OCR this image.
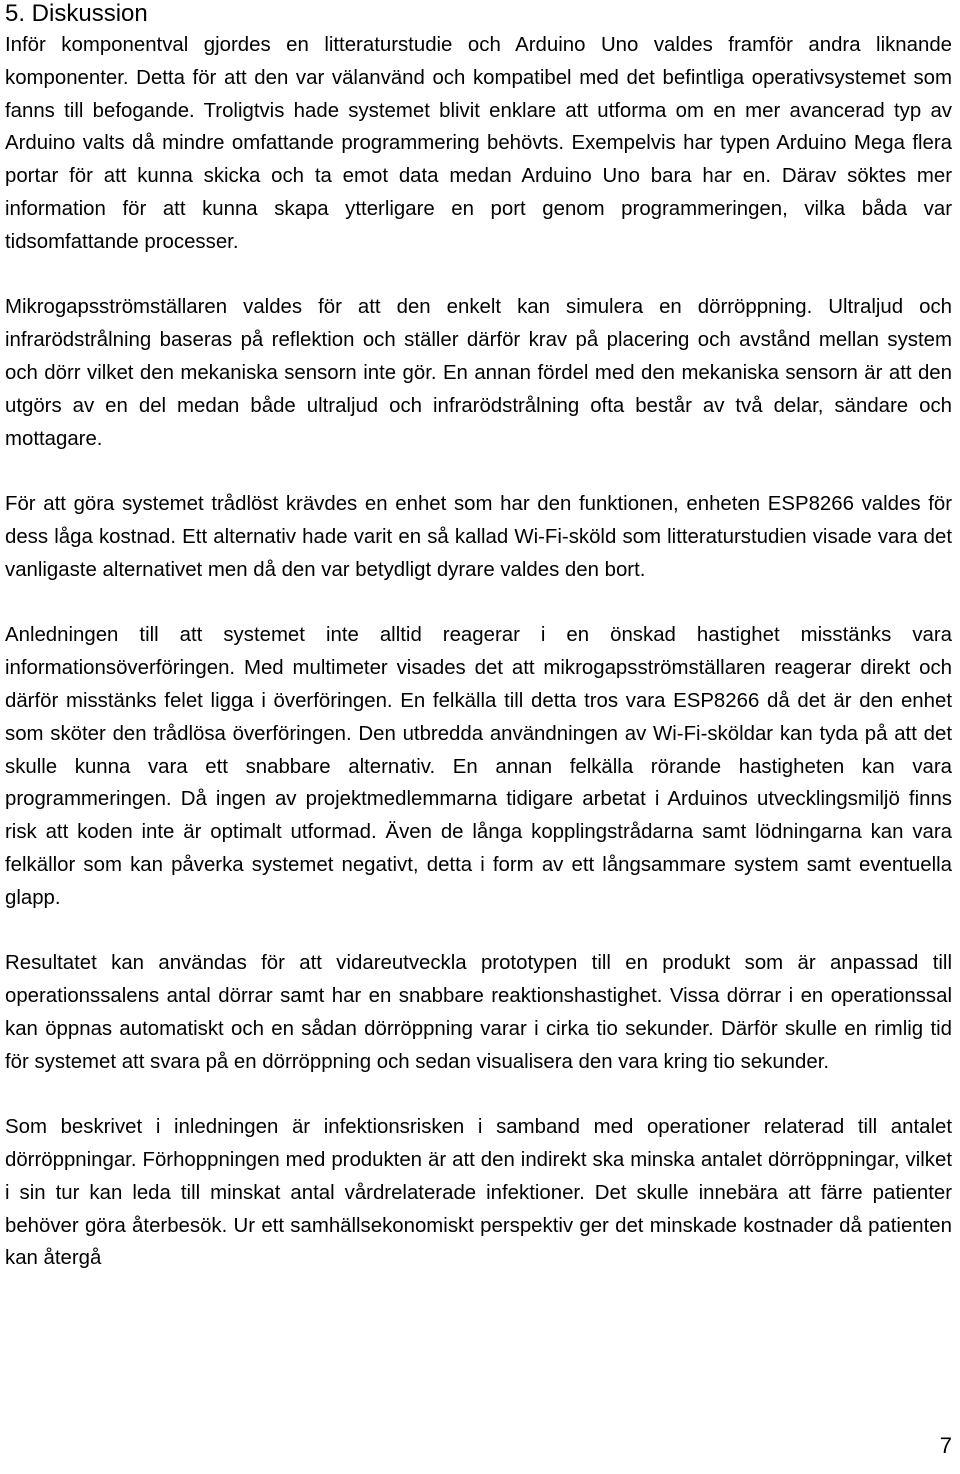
5. Diskussion

Inför komponentval gjordes en litteraturstudie och Arduino Uno valdes framför andra liknande komponenter. Detta för att den var välanvänd och kompatibel med det befintliga operativsystemet som fanns till befogande. Troligtvis hade systemet blivit enklare att utforma om en mer avancerad typ av Arduino valts då mindre omfattande programmering behövts. Exempelvis har typen Arduino Mega flera portar för att kunna skicka och ta emot data medan Arduino Uno bara har en. Därav söktes mer information för att kunna skapa ytterligare en port genom programmeringen, vilka båda var tidsomfattande processer.

Mikrogapsströmställaren valdes för att den enkelt kan simulera en dörröppning. Ultraljud och infrarödstrålning baseras på reflektion och ställer därför krav på placering och avstånd mellan system och dörr vilket den mekaniska sensorn inte gör. En annan fördel med den mekaniska sensorn är att den utgörs av en del medan både ultraljud och infrarödstrålning ofta består av två delar, sändare och mottagare.

För att göra systemet trådlöst krävdes en enhet som har den funktionen, enheten ESP8266 valdes för dess låga kostnad. Ett alternativ hade varit en så kallad Wi-Fi-sköld som litteraturstudien visade vara det vanligaste alternativet men då den var betydligt dyrare valdes den bort.

Anledningen till att systemet inte alltid reagerar i en önskad hastighet misstänks vara informationsöverföringen. Med multimeter visades det att mikrogapsströmställaren reagerar direkt och därför misstänks felet ligga i överföringen. En felkälla till detta tros vara ESP8266 då det är den enhet som sköter den trådlösa överföringen. Den utbredda användningen av Wi-Fi-sköldar kan tyda på att det skulle kunna vara ett snabbare alternativ. En annan felkälla rörande hastigheten kan vara programmeringen. Då ingen av projektmedlemmarna tidigare arbetat i Arduinos utvecklingsmiljö finns risk att koden inte är optimalt utformad. Även de långa kopplingstrådarna samt lödningarna kan vara felkällor som kan påverka systemet negativt, detta i form av ett långsammare system samt eventuella glapp.

Resultatet kan användas för att vidareutveckla prototypen till en produkt som är anpassad till operationssalens antal dörrar samt har en snabbare reaktionshastighet. Vissa dörrar i en operationssal kan öppnas automatiskt och en sådan dörröppning varar i cirka tio sekunder. Därför skulle en rimlig tid för systemet att svara på en dörröppning och sedan visualisera den vara kring tio sekunder.

Som beskrivet i inledningen är infektionsrisken i samband med operationer relaterad till antalet dörröppningar. Förhoppningen med produkten är att den indirekt ska minska antalet dörröppningar, vilket i sin tur kan leda till minskat antal vårdrelaterade infektioner. Det skulle innebära att färre patienter behöver göra återbesök. Ur ett samhällsekonomiskt perspektiv ger det minskade kostnader då patienten kan återgå

7
